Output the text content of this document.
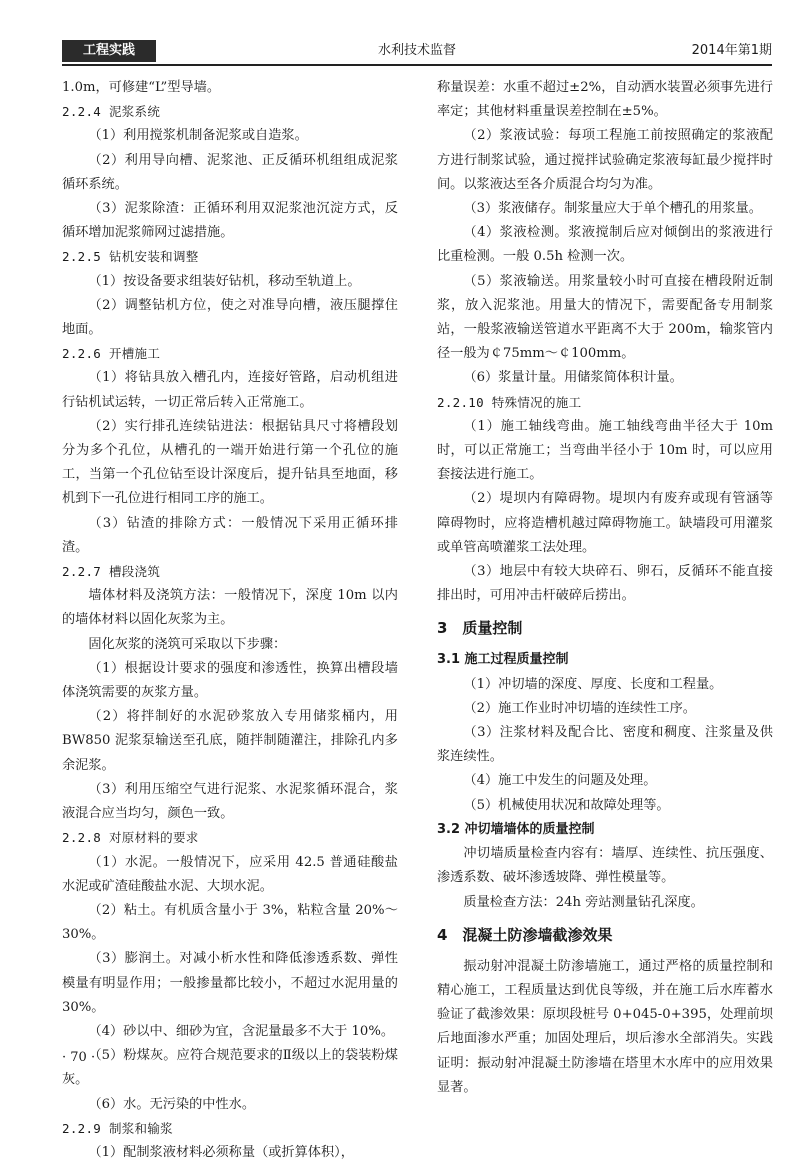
水利技术监督
工程实践	2014年第1期

1.0m，可修建“L”型导墙。

2.2.4 泥浆系统

（1）利用搅浆机制备泥浆或自造浆。

（2）利用导向槽、泥浆池、正反循环机组组成泥浆循环系统。

（3）泥浆除渣：正循环利用双泥浆池沉淀方式，反循环增加泥浆筛网过滤措施。

2.2.5 钻机安装和调整

（1）按设备要求组装好钻机，移动至轨道上。

（2）调整钻机方位，使之对准导向槽，液压腿撑住地面。

2.2.6 开槽施工

（1）将钻具放入槽孔内，连接好管路，启动机组进行钻机试运转，一切正常后转入正常施工。

（2）实行排孔连续钻进法：根据钻具尺寸将槽段划分为多个孔位，从槽孔的一端开始进行第一个孔位的施工，当第一个孔位钻至设计深度后，提升钻具至地面，移机到下一孔位进行相同工序的施工。

（3）钻渣的排除方式：一般情况下采用正循环排渣。

2.2.7 槽段浇筑

墙体材料及浇筑方法：一般情况下，深度 10m 以内的墙体材料以固化灰浆为主。

固化灰浆的浇筑可采取以下步骤：

（1）根据设计要求的强度和渗透性，换算出槽段墙体浇筑需要的灰浆方量。

（2）将拌制好的水泥砂浆放入专用储浆桶内，用 BW850 泥浆泵输送至孔底，随拌制随灌注，排除孔内多余泥浆。

（3）利用压缩空气进行泥浆、水泥浆循环混合，浆液混合应当均匀，颜色一致。

2.2.8 对原材料的要求

（1）水泥。一般情况下，应采用 42.5 普通硅酸盐水泥或矿渣硅酸盐水泥、大坝水泥。

（2）粘土。有机质含量小于 3%，粘粒含量 20%～30%。

（3）膨润土。对减小析水性和降低渗透系数、弹性模量有明显作用；一般掺量都比较小，不超过水泥用量的 30%。

（4）砂以中、细砂为宜，含泥量最多不大于 10%。

（5）粉煤灰。应符合规范要求的Ⅱ级以上的袋装粉煤灰。

（6）水。无污染的中性水。

2.2.9 制浆和输浆

（1）配制浆液材料必须称量（或折算体积），

称量误差：水重不超过±2%，自动洒水装置必须事先进行率定；其他材料重量误差控制在±5%。

（2）浆液试验：每项工程施工前按照确定的浆液配方进行制浆试验，通过搅拌试验确定浆液每缸最少搅拌时间。以浆液达至各介质混合均匀为准。

（3）浆液储存。制浆量应大于单个槽孔的用浆量。

（4）浆液检测。浆液搅制后应对倾倒出的浆液进行比重检测。一般 0.5h 检测一次。

（5）浆液输送。用浆量较小时可直接在槽段附近制浆，放入泥浆池。用量大的情况下，需要配备专用制浆站，一般浆液输送管道水平距离不大于 200m，输浆管内径一般为￠75mm～￠100mm。

（6）浆量计量。用储浆简体积计量。

2.2.10 特殊情况的施工

（1）施工轴线弯曲。施工轴线弯曲半径大于 10m 时，可以正常施工；当弯曲半径小于 10m 时，可以应用套接法进行施工。

（2）堤坝内有障碍物。堤坝内有废弃或现有管涵等障碍物时，应将造槽机越过障碍物施工。缺墙段可用灌浆或单管高喷灌浆工法处理。

（3）地层中有较大块碎石、卵石，反循环不能直接排出时，可用冲击杆破碎后捞出。

3　质量控制

3.1 施工过程质量控制

（1）冲切墙的深度、厚度、长度和工程量。

（2）施工作业时冲切墙的连续性工序。

（3）注浆材料及配合比、密度和稠度、注浆量及供浆连续性。

（4）施工中发生的问题及处理。

（5）机械使用状况和故障处理等。

3.2 冲切墙墙体的质量控制

冲切墙质量检查内容有：墙厚、连续性、抗压强度、渗透系数、破坏渗透坡降、弹性模量等。

质量检查方法：24h 旁站测量钻孔深度。

4　混凝土防渗墙截渗效果

振动射冲混凝土防渗墙施工，通过严格的质量控制和精心施工，工程质量达到优良等级，并在施工后水库蓄水验证了截渗效果：原坝段桩号 0+045-0+395，处理前坝后地面渗水严重；加固处理后，坝后渗水全部消失。实践证明：振动射冲混凝土防渗墙在塔里木水库中的应用效果显著。

· 70 ·
